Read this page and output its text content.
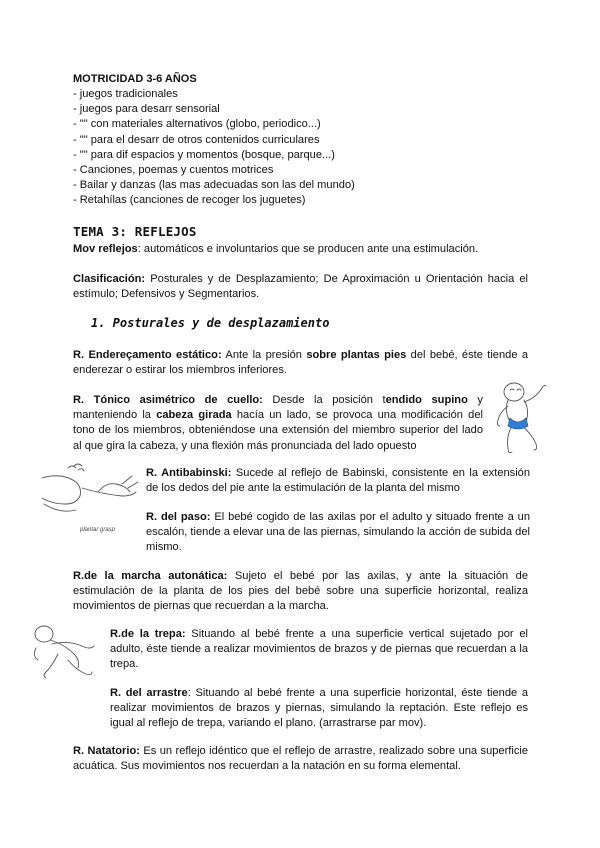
MOTRICIDAD 3-6 AÑOS
- juegos tradicionales
- juegos para desarr sensorial
- "" con materiales alternativos (globo, periodico...)
- "" para el desarr de otros contenidos curriculares
- "" para dif espacios y momentos (bosque, parque...)
- Canciones, poemas y cuentos motrices
- Bailar y danzas (las mas adecuadas son las del mundo)
- Retahílas (canciones de recoger los juguetes)
TEMA 3: REFLEJOS
Mov reflejos: automáticos e involuntarios que se producen ante una estimulación.
Clasificación: Posturales y de Desplazamiento; De Aproximación u Orientación hacia el estímulo; Defensivos y Segmentarios.
1. Posturales y de desplazamiento
R. Endereçamento estático: Ante la presión sobre plantas pies del bebé, éste tiende a enderezar o estirar los miembros inferiores.
R. Tónico asimétrico de cuello: Desde la posición tendido supino y manteniendo la cabeza girada hacía un lado, se provoca una modificación del tono de los miembros, obteniéndose una extensión del miembro superior del lado al que gira la cabeza, y una flexión más pronunciada del lado opuesto
plantar grasp
R. Antibabinski: Sucede al reflejo de Babinski, consistente en la extensión de los dedos del pie ante la estimulación de la planta del mismo
R. del paso: El bebé cogido de las axilas por el adulto y situado frente a un escalón, tiende a elevar una de las piernas, simulando la acción de subida del mismo.
R.de la marcha autonática: Sujeto el bebé por las axilas, y ante la situación de estimulación de la planta de los pies del bebé sobre una superficie horizontal, realiza movimientos de piernas que recuerdan a la marcha.
R.de la trepa: Situando al bebé frente a una superficie vertical sujetado por el adulto, éste tiende a realizar movimientos de brazos y de piernas que recuerdan a la trepa.
R. del arrastre: Situando al bebé frente a una superficie horizontal, éste tiende a realizar movimientos de brazos y piernas, simulando la reptación. Este reflejo es igual al reflejo de trepa, variando el plano. (arrastrarse par mov).
R. Natatorio: Es un reflejo idéntico que el reflejo de arrastre, realizado sobre una superficie acuática. Sus movimientos nos recuerdan a la natación en su forma elemental.
